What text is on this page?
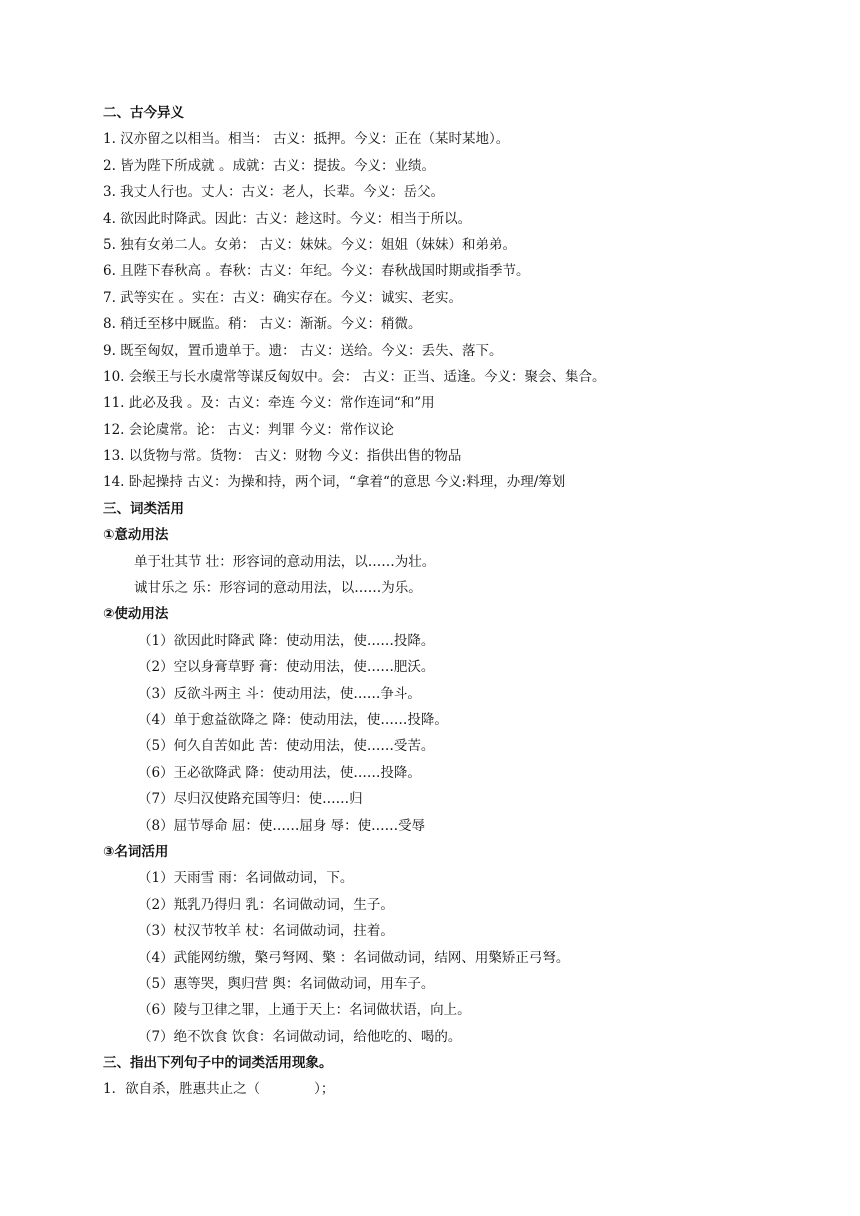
二、古今异义
1. 汉亦留之以相当。相当： 古义：抵押。今义：正在（某时某地）。
2. 皆为陛下所成就 。成就：古义：提拔。今义：业绩。
3. 我丈人行也。丈人：古义：老人，长辈。今义：岳父。
4. 欲因此时降武。因此：古义：趁这时。今义：相当于所以。
5. 独有女弟二人。女弟： 古义：妹妹。今义：姐姐（妹妹）和弟弟。
6. 且陛下春秋高 。春秋：古义：年纪。今义：春秋战国时期或指季节。
7. 武等实在 。实在：古义：确实存在。今义：诚实、老实。
8. 稍迁至栘中厩监。稍： 古义：渐渐。今义：稍微。
9. 既至匈奴，置币遗单于。遗： 古义：送给。今义：丢失、落下。
10. 会缑王与长水虞常等谋反匈奴中。会： 古义：正当、适逢。今义：聚会、集合。
11. 此必及我 。及：古义：牵连 今义：常作连词“和”用
12. 会论虞常。论： 古义：判罪 今义：常作议论
13. 以货物与常。货物： 古义：财物 今义：指供出售的物品
14. 卧起操持 古义：为操和持，两个词，“拿着“的意思 今义:料理，办理/筹划
三、词类活用
①意动用法
单于壮其节 壮：形容词的意动用法，以……为壮。
诚甘乐之 乐：形容词的意动用法，以……为乐。
②使动用法
（1）欲因此时降武 降：使动用法，使……投降。
（2）空以身膏草野 膏：使动用法，使……肥沃。
（3）反欲斗两主 斗：使动用法，使……争斗。
（4）单于愈益欲降之 降：使动用法，使……投降。
（5）何久自苦如此 苦：使动用法，使……受苦。
（6）王必欲降武 降：使动用法，使……投降。
（7）尽归汉使路充国等归：使……归
（8）屈节辱命 屈：使……屈身 辱：使……受辱
③名词活用
（1）天雨雪 雨：名词做动词，下。
（2）羝乳乃得归 乳：名词做动词，生子。
（3）杖汉节牧羊 杖：名词做动词，拄着。
（4）武能网纺缴，檠弓弩网、檠 ：名词做动词，结网、用檠矫正弓弩。
（5）惠等哭，舆归营 舆：名词做动词，用车子。
（6）陵与卫律之罪，上通于天上：名词做状语，向上。
（7）绝不饮食 饮食：名词做动词，给他吃的、喝的。
三、指出下列句子中的词类活用现象。
1．欲自杀，胜惠共止之（　　　　）；
